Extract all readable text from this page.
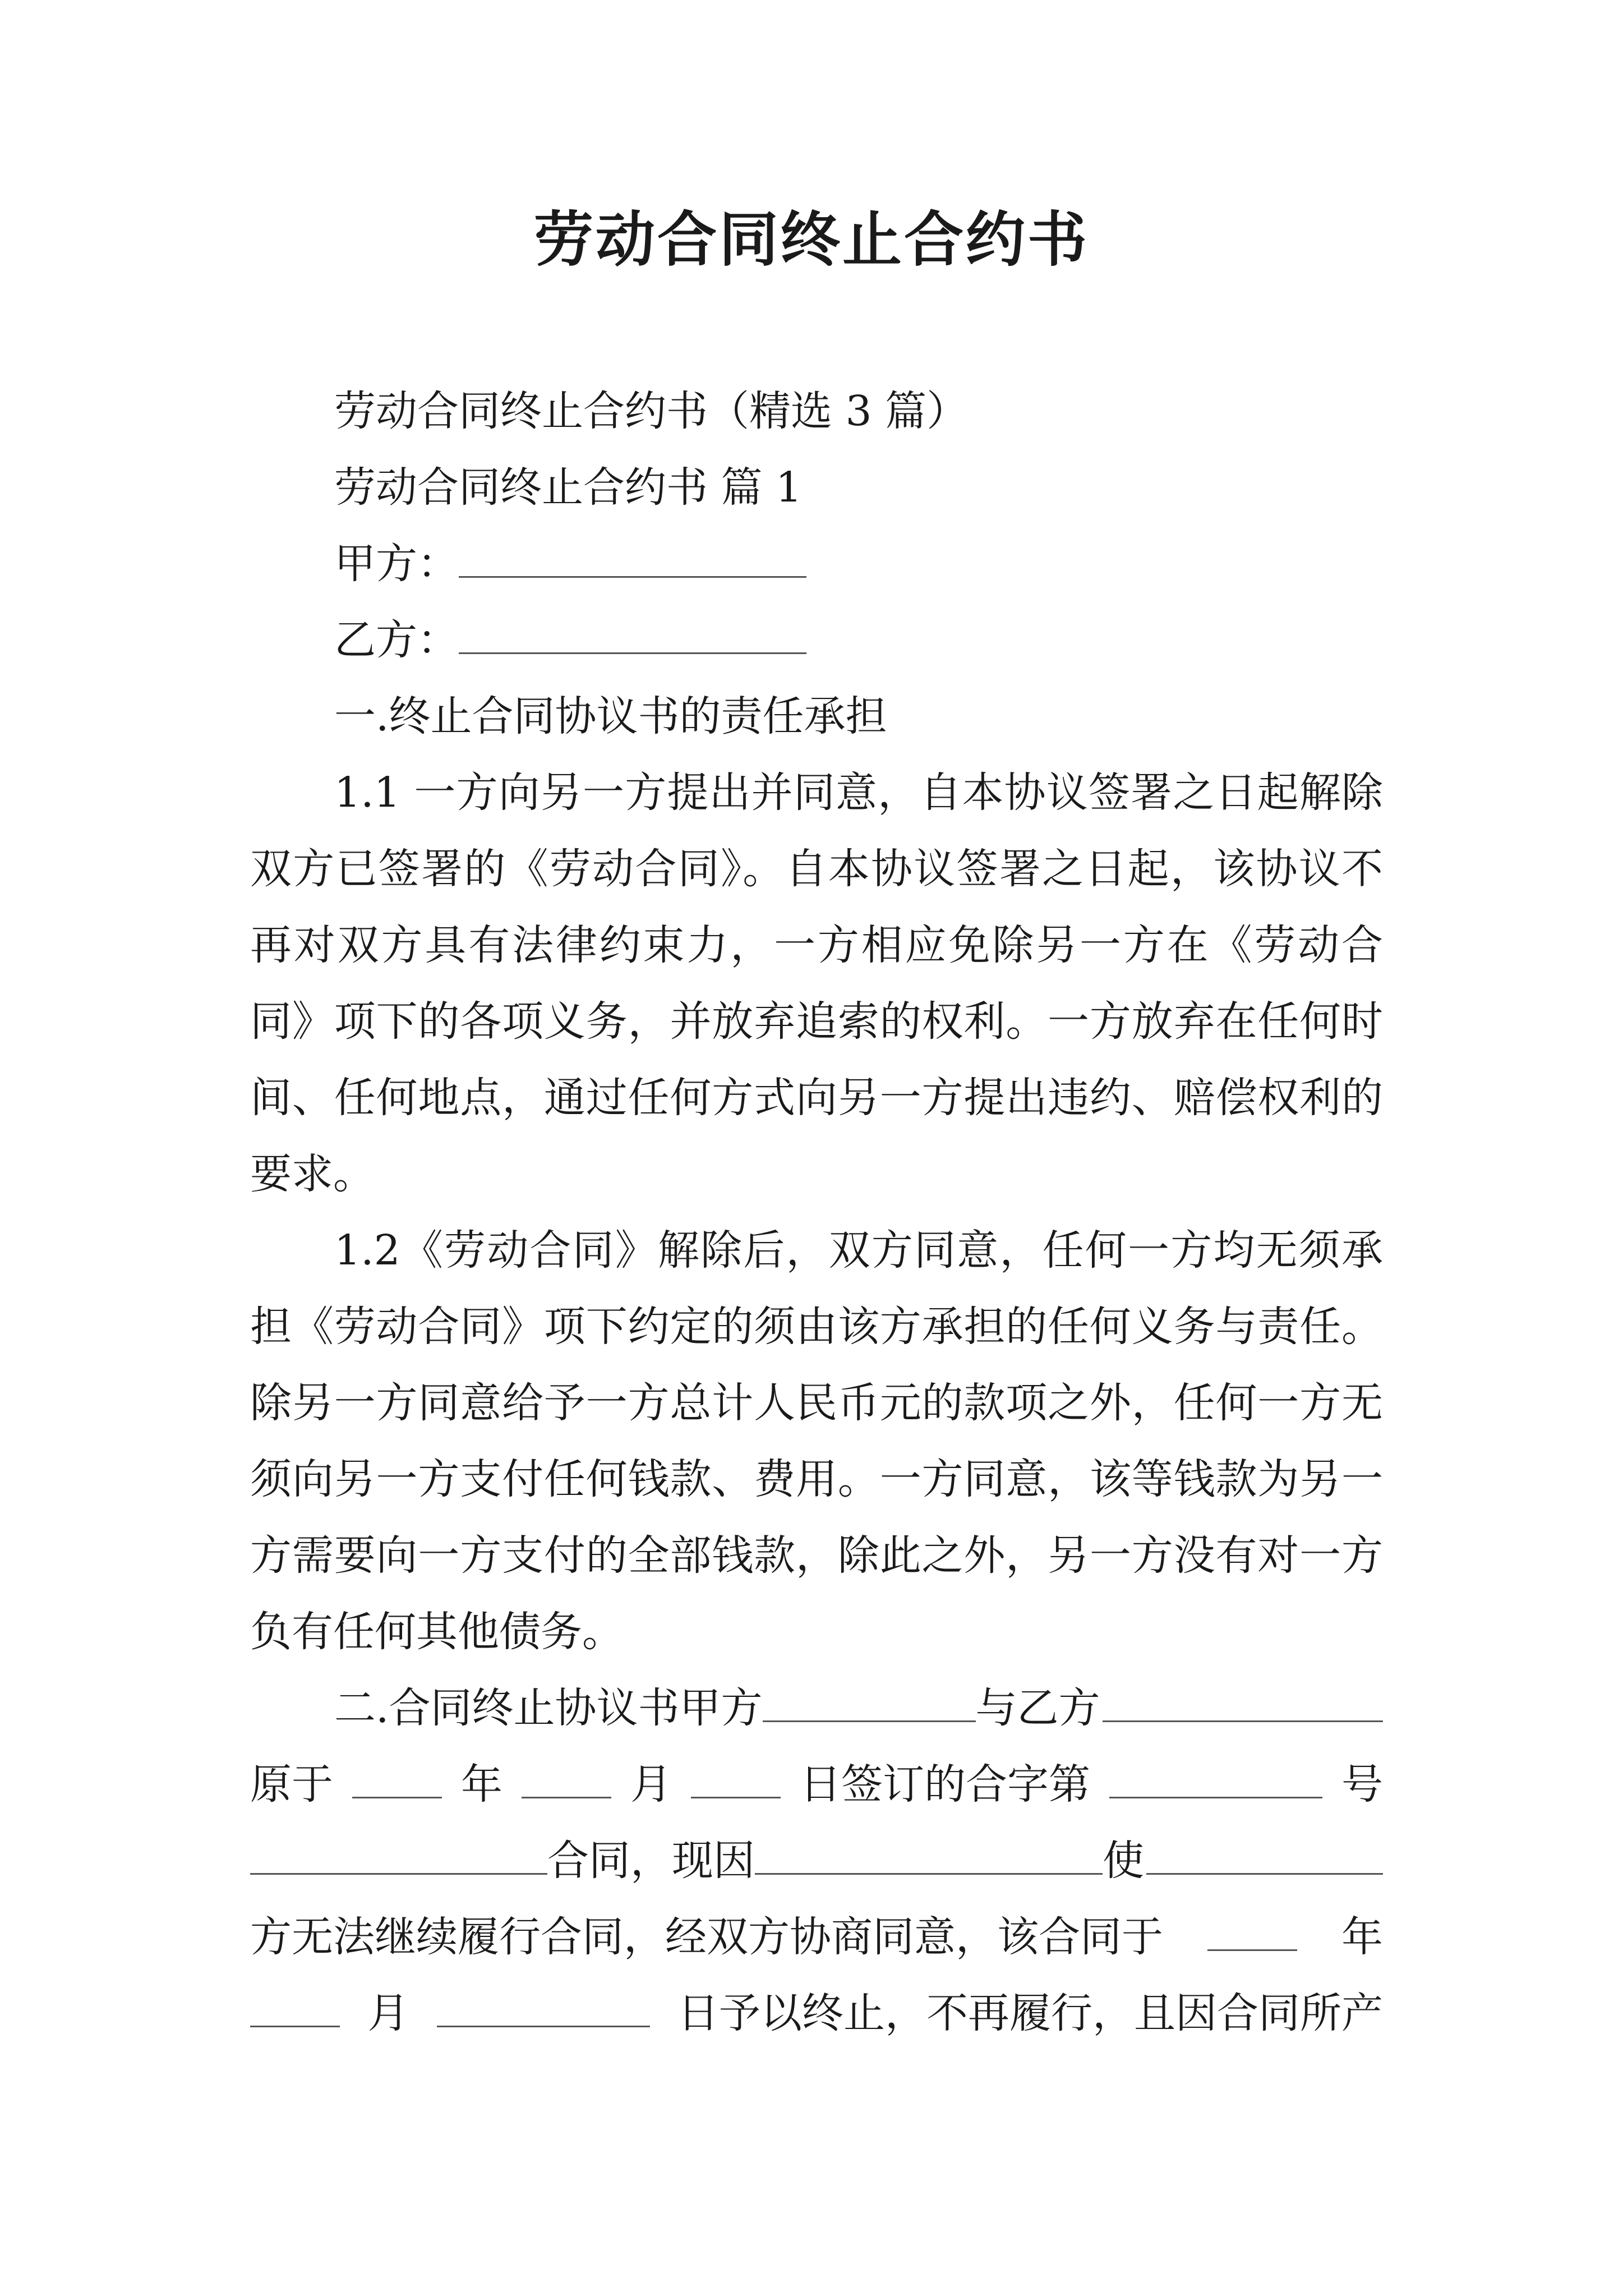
劳动合同终止合约书

劳动合同终止合约书（精选 3 篇）

劳动合同终止合约书 篇 1

甲方：

乙方：

一.终止合同协议书的责任承担

1.1 一方向另一方提出并同意，自本协议签署之日起解除双方已签署的《劳动合同》。自本协议签署之日起，该协议不再对双方具有法律约束力，一方相应免除另一方在《劳动合同》项下的各项义务，并放弃追索的权利。一方放弃在任何时间、任何地点，通过任何方式向另一方提出违约、赔偿权利的要求。

1.2《劳动合同》解除后，双方同意，任何一方均无须承担《劳动合同》项下约定的须由该方承担的任何义务与责任。除另一方同意给予一方总计人民币元的款项之外，任何一方无须向另一方支付任何钱款、费用。一方同意，该等钱款为另一方需要向一方支付的全部钱款，除此之外，另一方没有对一方负有任何其他债务。

二.合同终止协议书甲方	与乙方

原于	年	月	日签订的合字第	号

合同，现因	使

方无法继续履行合同，经双方协商同意，该合同于	年

月	日予以终止，不再履行，且因合同所产
